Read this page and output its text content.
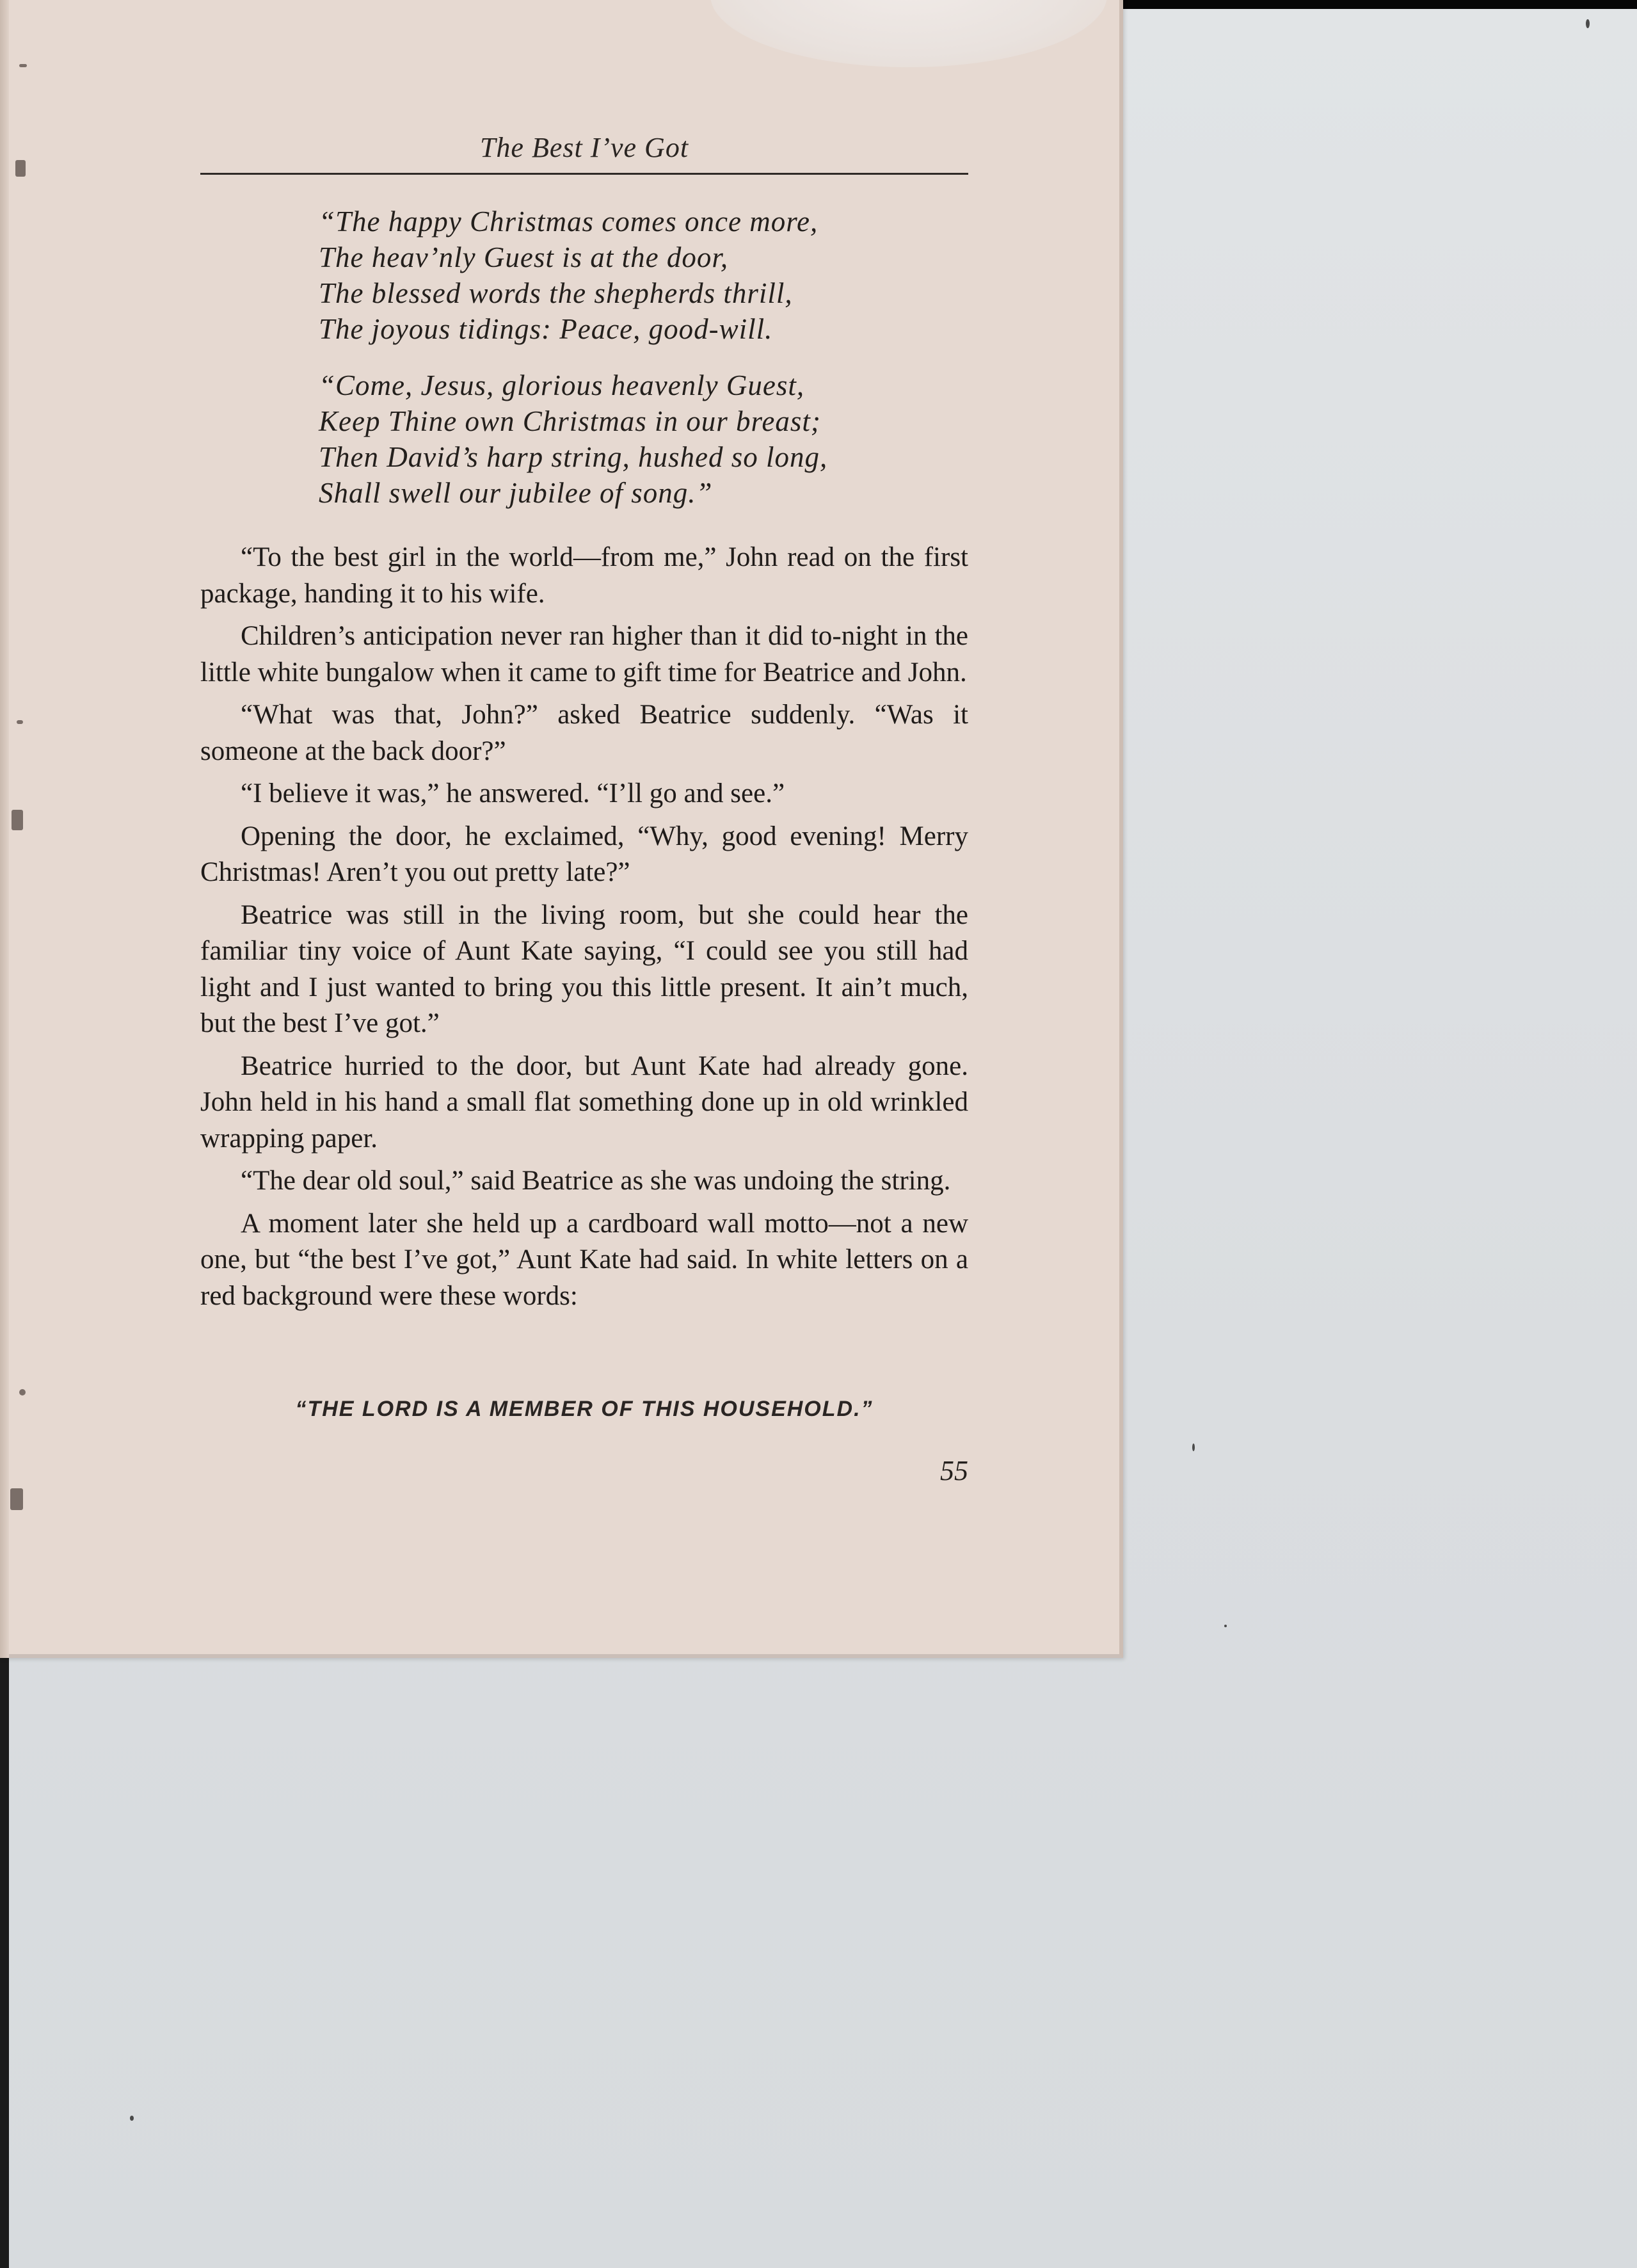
The Best I’ve Got
“The happy Christmas comes once more,
The heav’nly Guest is at the door,
The blessed words the shepherds thrill,
The joyous tidings: Peace, good-will.
“Come, Jesus, glorious heavenly Guest,
Keep Thine own Christmas in our breast;
Then David’s harp string, hushed so long,
Shall swell our jubilee of song.”

“To the best girl in the world—from me,” John read on the first package, handing it to his wife.

Children’s anticipation never ran higher than it did to-night in the little white bungalow when it came to gift time for Beatrice and John.

“What was that, John?” asked Beatrice suddenly. “Was it someone at the back door?”

“I believe it was,” he answered. “I’ll go and see.”

Opening the door, he exclaimed, “Why, good evening! Merry Christmas! Aren’t you out pretty late?”

Beatrice was still in the living room, but she could hear the familiar tiny voice of Aunt Kate saying, “I could see you still had light and I just wanted to bring you this little present. It ain’t much, but the best I’ve got.”

Beatrice hurried to the door, but Aunt Kate had already gone. John held in his hand a small flat something done up in old wrinkled wrapping paper.

“The dear old soul,” said Beatrice as she was undoing the string.

A moment later she held up a cardboard wall motto—not a new one, but “the best I’ve got,” Aunt Kate had said. In white letters on a red background were these words:

“THE LORD IS A MEMBER OF THIS HOUSEHOLD.”
55
